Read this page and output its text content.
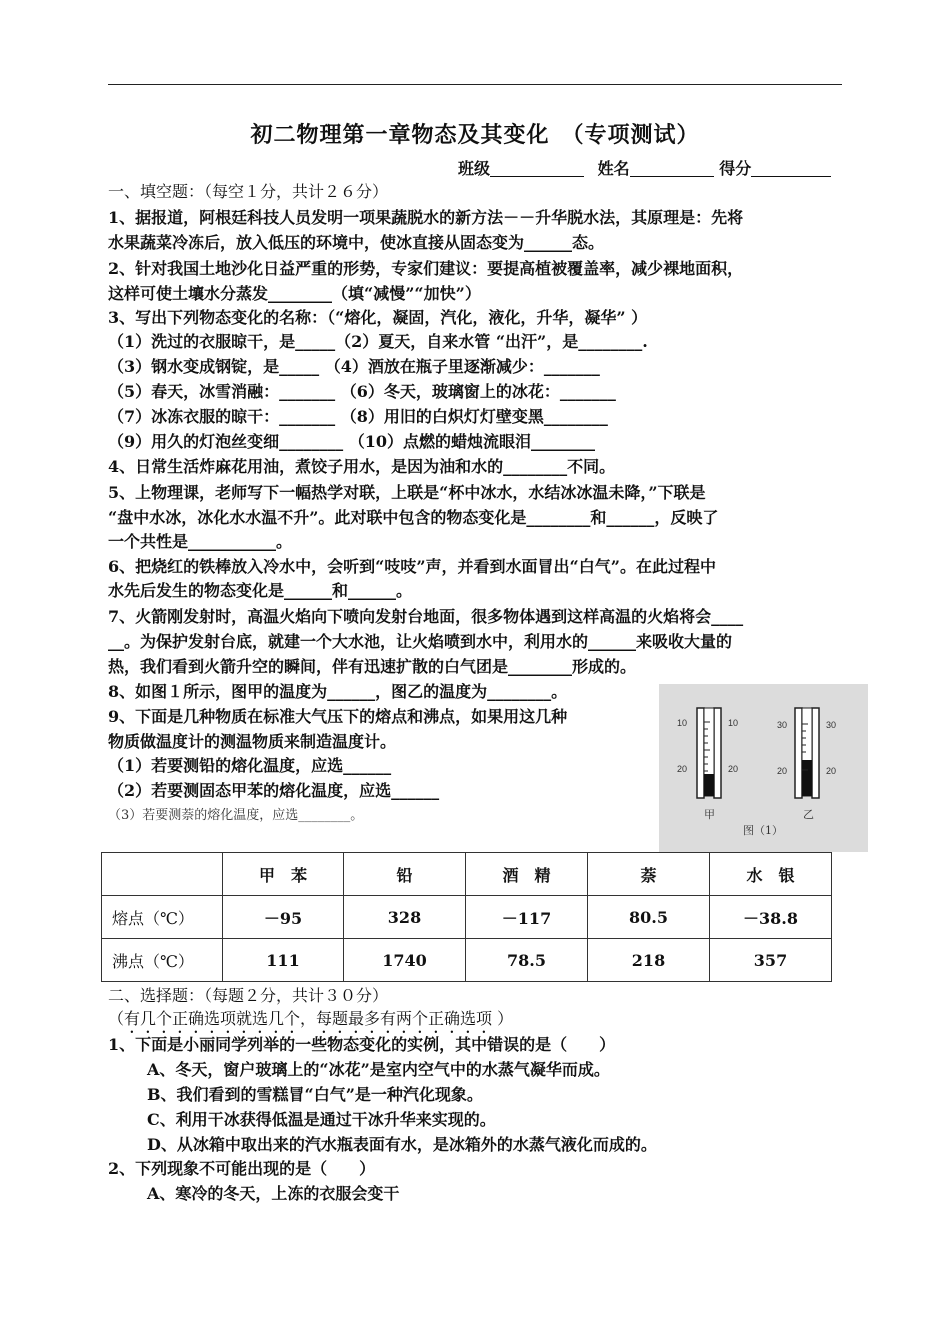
初二物理第一章物态及其变化　（专项测试）
班级	姓名	得分
一、填空题：（每空１分，共计２６分）
1、据报道，阿根廷科技人员发明一项果蔬脱水的新方法－－升华脱水法，其原理是：先将
水果蔬菜冷冻后，放入低压的环境中，使冰直接从固态变为______态。
2、针对我国土地沙化日益严重的形势，专家们建议：要提高植被覆盖率，减少裸地面积，
这样可使土壤水分蒸发________（填“减慢”“加快”）
3、写出下列物态变化的名称：（“熔化，凝固，汽化，液化，升华，凝华” ）
（1）洗过的衣服晾干，是_____（2）夏天，自来水管 “出汗”，是________.
（3）钢水变成钢锭，是_____ （4）酒放在瓶子里逐渐减少：_______
（5）春天，冰雪消融：_______ （6）冬天，玻璃窗上的冰花：_______
（7）冰冻衣服的晾干：_______ （8）用旧的白炽灯灯壁变黑________
（9）用久的灯泡丝变细________ （10）点燃的蜡烛流眼泪________
4、日常生活炸麻花用油，煮饺子用水，是因为油和水的________不同。
5、上物理课，老师写下一幅热学对联，上联是“杯中冰水，水结冰冰温未降，”下联是
“盘中水冰，冰化水水温不升”。此对联中包含的物态变化是________和______，反映了
一个共性是___________。
6、把烧红的铁棒放入冷水中，会听到“吱吱”声，并看到水面冒出“白气”。在此过程中
水先后发生的物态变化是______和______。
7、火箭刚发射时，高温火焰向下喷向发射台地面，很多物体遇到这样高温的火焰将会____
__。为保护发射台底，就建一个大水池，让火焰喷到水中，利用水的______来吸收大量的
热，我们看到火箭升空的瞬间，伴有迅速扩散的白气团是________形成的。
8、如图１所示，图甲的温度为______，图乙的温度为________。
9、下面是几种物质在标准大气压下的熔点和沸点，如果用这几种
物质做温度计的测温物质来制造温度计。
（1）若要测铅的熔化温度，应选______
（2）若要测固态甲苯的熔化温度，应选______
（3）若要测萘的熔化温度，应选________。
10
20
10
20
甲
30
20
30
20
乙
图（1）
	甲　苯	铅	酒　精	萘	水　银
熔点（℃）	－95	328	－117	80.5	－38.8
沸点（℃）	111	1740	78.5	218	357
二、选择题：（每题２分，共计３０分）
（有几个正确选项就选几个，每题最多有两个正确选项 ）
1、下面是小丽同学列举的一些物态变化的实例，其中错误的是（　　）
A、冬天，窗户玻璃上的“冰花”是室内空气中的水蒸气凝华而成。
B、我们看到的雪糕冒“白气”是一种汽化现象。
C、利用干冰获得低温是通过干冰升华来实现的。
D、从冰箱中取出来的汽水瓶表面有水，是冰箱外的水蒸气液化而成的。
2、下列现象不可能出现的是（　　）
A、寒冷的冬天，上冻的衣服会变干
